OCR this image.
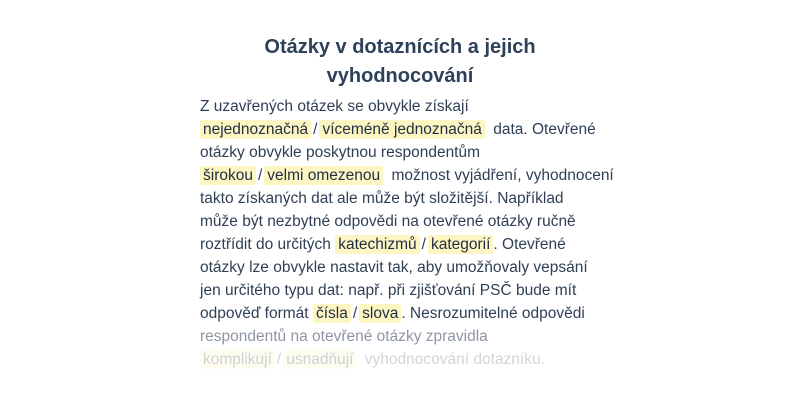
Otázky v dotaznících a jejich
vyhodnocování
Z uzavřených otázek se obvykle získají
nejednoznačná / víceméně jednoznačná data. Otevřené
otázky obvykle poskytnou respondentům
širokou / velmi omezenou možnost vyjádření, vyhodnocení
takto získaných dat ale může být složitější. Například
může být nezbytné odpovědi na otevřené otázky ručně
roztřídit do určitých katechizmů / kategorií . Otevřené
otázky lze obvykle nastavit tak, aby umožňovaly vepsání
jen určitého typu dat: např. při zjišťování PSČ bude mít
odpověď formát čísla / slova . Nesrozumitelné odpovědi
respondentů na otevřené otázky zpravidla
komplikují / usnadňují vyhodnocování dotazníku.
